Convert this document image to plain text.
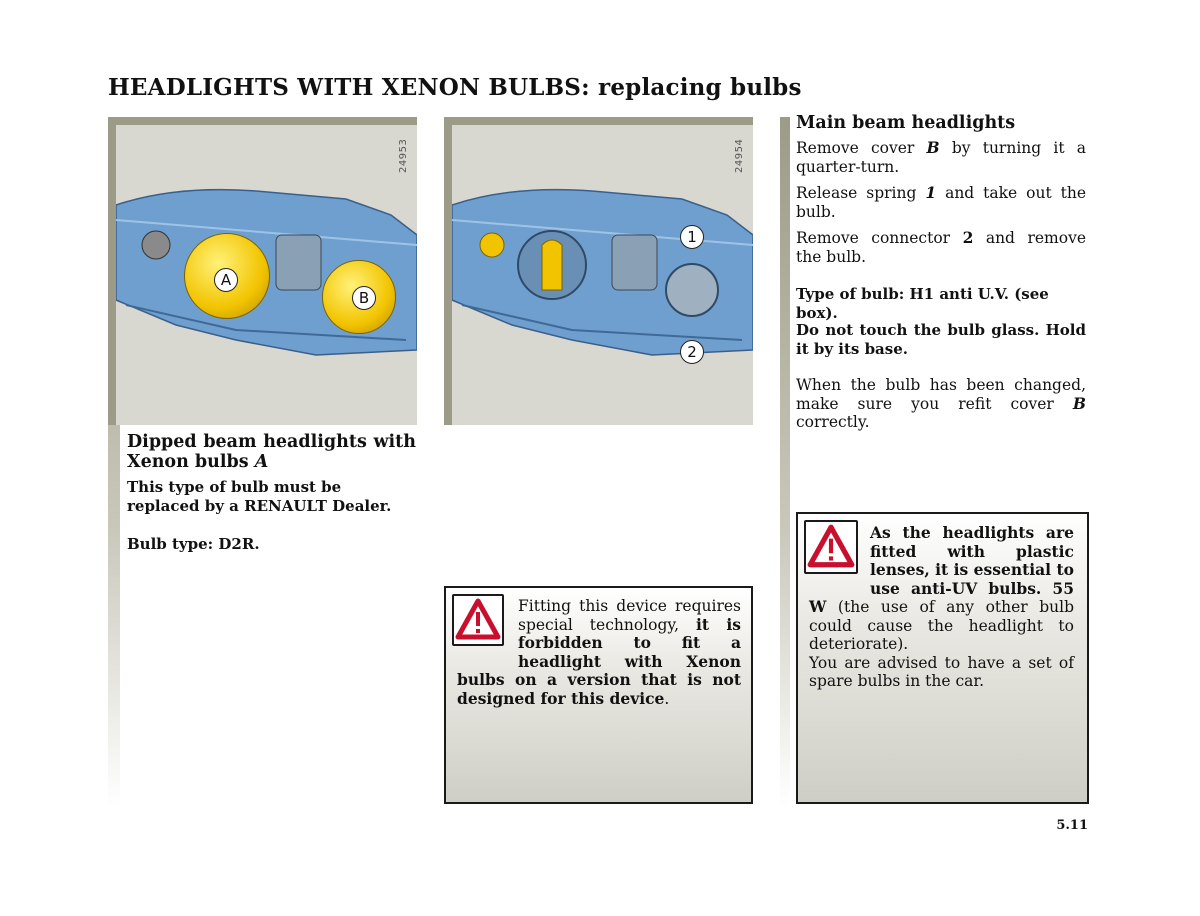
HEADLIGHTS WITH XENON BULBS: replacing bulbs
A
B
24953
1
2
24954
Dipped beam headlights with Xenon bulbs A
This type of bulb must be replaced by a RENAULT Dealer.
Bulb type: D2R.
Fitting this device requires special technology, it is forbidden to fit a headlight with Xenon bulbs on a version that is not designed for this device.
Main beam headlights
Remove cover B by turning it a quarter-turn.
Release spring 1 and take out the bulb.
Remove connector 2 and remove the bulb.
Type of bulb: H1 anti U.V. (see box).
Do not touch the bulb glass. Hold it by its base.
When the bulb has been changed, make sure you refit cover B correctly.
As the headlights are fitted with plastic lenses, it is essential to use anti-UV bulbs. 55 W (the use of any other bulb could cause the headlight to deteriorate).
You are advised to have a set of spare bulbs in the car.
5.11
